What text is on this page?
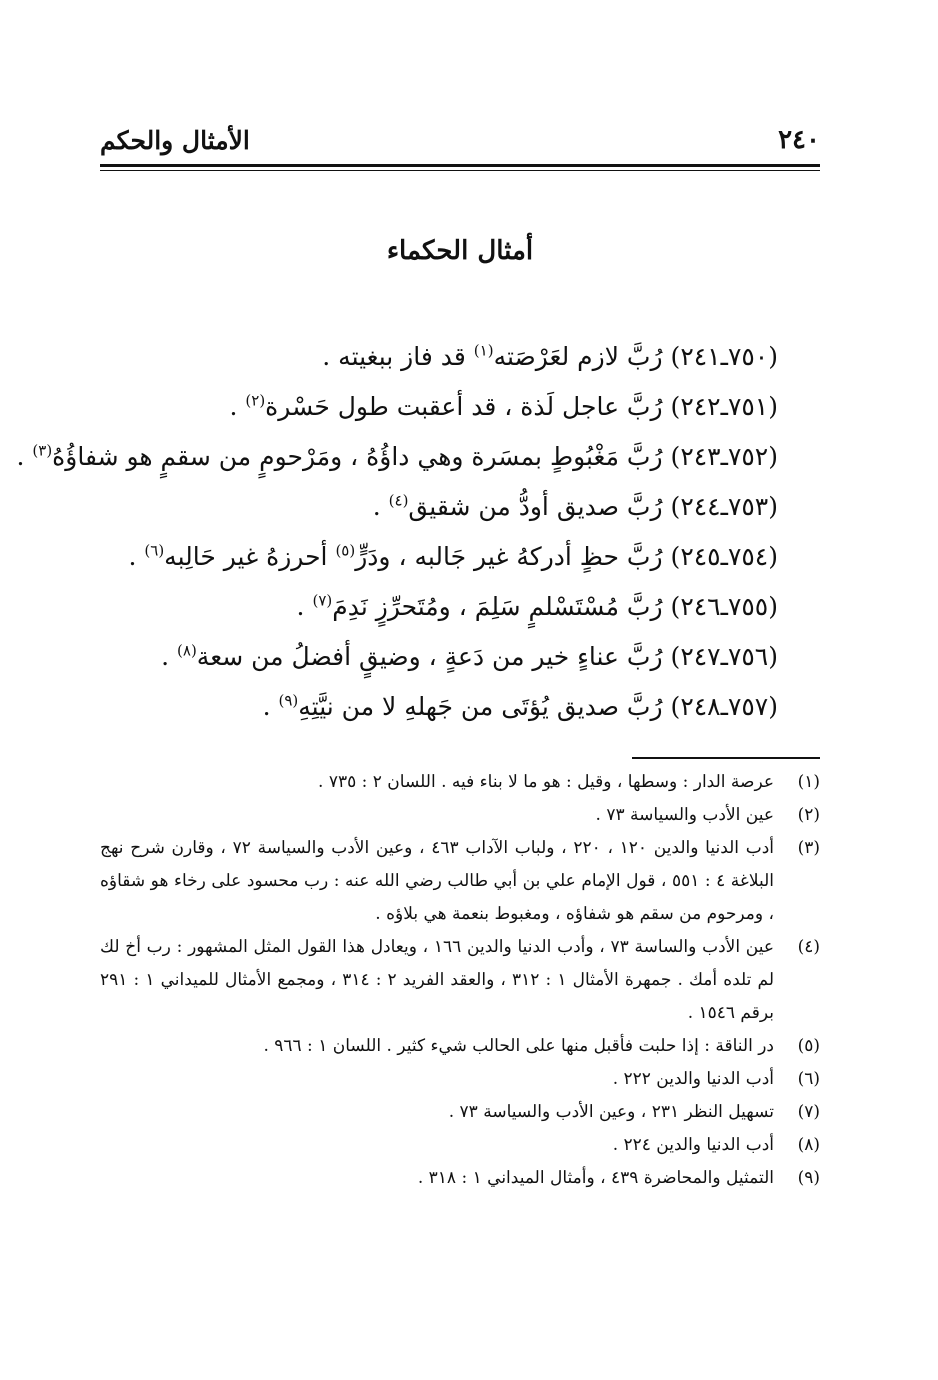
٢٤٠
الأمثال والحكم
أمثال الحكماء
(٧٥٠ـ٢٤١)
رُبَّ لازم لعَرْصَته$^{(١)}$ قد فاز ببغيته .
(٧٥١ـ٢٤٢)
رُبَّ عاجل لَذة ، قد أعقبت طول حَسْرة$^{(٢)}$ .
(٧٥٢ـ٢٤٣)
رُبَّ مَغْبُوطٍ بمسَرة وهي داؤُهُ ، ومَرْحومٍ من سقمٍ هو شفاؤُهُ$^{(٣)}$ .
(٧٥٣ـ٢٤٤)
رُبَّ صديق أودُّ من شقيق$^{(٤)}$ .
(٧٥٤ـ٢٤٥)
رُبَّ حظٍ أدركهُ غير جَالبه ، ودَرٍّ$^{(٥)}$ أحرزهُ غير حَالِبه$^{(٦)}$ .
(٧٥٥ـ٢٤٦)
رُبَّ مُسْتَسْلمٍ سَلِمَ ، ومُتَحرِّزٍ نَدِمَ$^{(٧)}$ .
(٧٥٦ـ٢٤٧)
رُبَّ عناءٍ خير من دَعةٍ ، وضيقٍ أفضلُ من سعة$^{(٨)}$ .
(٧٥٧ـ٢٤٨)
رُبَّ صديق يُؤتَى من جَهلهِ لا من نيَّتِهِ$^{(٩)}$ .
(١)
عرصة الدار : وسطها ، وقيل : هو ما لا بناء فيه . اللسان ٢ : ٧٣٥ .
(٢)
عين الأدب والسياسة ٧٣ .
(٣)
أدب الدنيا والدين ١٢٠ ، ٢٢٠ ، ولباب الآداب ٤٦٣ ، وعين الأدب والسياسة ٧٢ ، وقارن شرح نهج البلاغة ٤ : ٥٥١ ، قول الإمام علي بن أبي طالب رضي الله عنه : رب محسود على رخاء هو شقاؤه ، ومرحوم من سقم هو شفاؤه ، ومغبوط بنعمة هي بلاؤه .
(٤)
عين الأدب والساسة ٧٣ ، وأدب الدنيا والدين ١٦٦ ، ويعادل هذا القول المثل المشهور : رب أخ لك لم تلده أمك . جمهرة الأمثال ١ : ٣١٢ ، والعقد الفريد ٢ : ٣١٤ ، ومجمع الأمثال للميداني ١ : ٢٩١ برقم ١٥٤٦ .
(٥)
در الناقة : إذا حلبت فأقبل منها على الحالب شيء كثير . اللسان ١ : ٩٦٦ .
(٦)
أدب الدنيا والدين ٢٢٢ .
(٧)
تسهيل النظر ٢٣١ ، وعين الأدب والسياسة ٧٣ .
(٨)
أدب الدنيا والدين ٢٢٤ .
(٩)
التمثيل والمحاضرة ٤٣٩ ، وأمثال الميداني ١ : ٣١٨ .
